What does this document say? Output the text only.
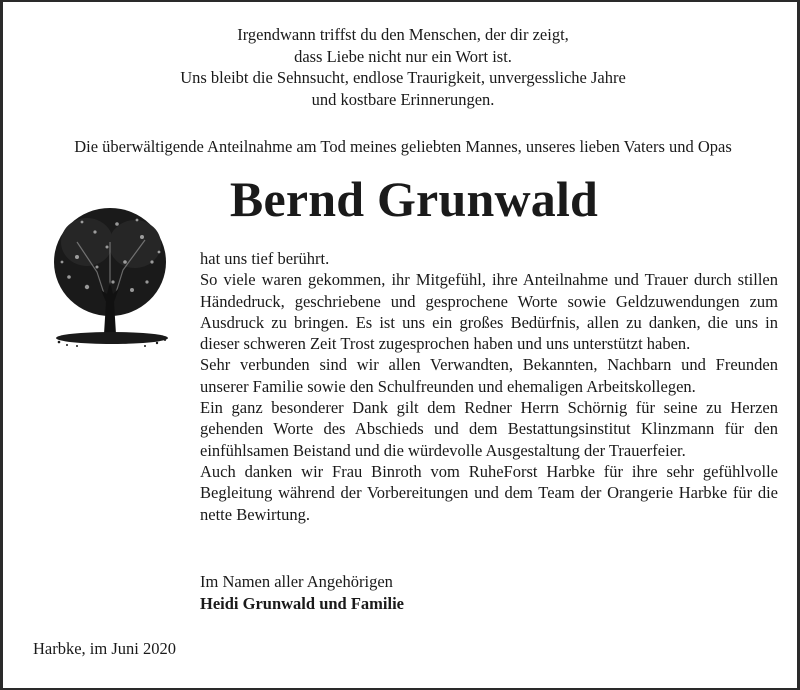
Irgendwann triffst du den Menschen, der dir zeigt,
dass Liebe nicht nur ein Wort ist.
Uns bleibt die Sehnsucht, endlose Traurigkeit, unvergessliche Jahre
und kostbare Erinnerungen.
Die überwältigende Anteilnahme am Tod meines geliebten Mannes, unseres lieben Vaters und Opas
Bernd Grunwald

hat uns tief berührt.

So viele waren gekommen, ihr Mitgefühl, ihre Anteilnahme und Trauer durch stillen Händedruck, geschriebene und gesprochene Worte sowie Geldzuwendungen zum Ausdruck zu bringen. Es ist uns ein großes Bedürfnis, allen zu danken, die uns in dieser schweren Zeit Trost zugesprochen haben und uns unterstützt haben.

Sehr verbunden sind wir allen Verwandten, Bekannten, Nachbarn und Freunden unserer Familie sowie den Schulfreunden und ehemaligen Arbeitskollegen.

Ein ganz besonderer Dank gilt dem Redner Herrn Schörnig für seine zu Herzen gehenden Worte des Abschieds und dem Bestattungsinstitut Klinzmann für den einfühlsamen Beistand und die würdevolle Ausgestaltung der Trauerfeier.

Auch danken wir Frau Binroth vom RuheForst Harbke für ihre sehr gefühlvolle Begleitung während der Vorbereitungen und dem Team der Orangerie Harbke für die nette Bewirtung.

Im Namen aller Angehörigen
Heidi Grunwald und Familie
Harbke, im Juni 2020
